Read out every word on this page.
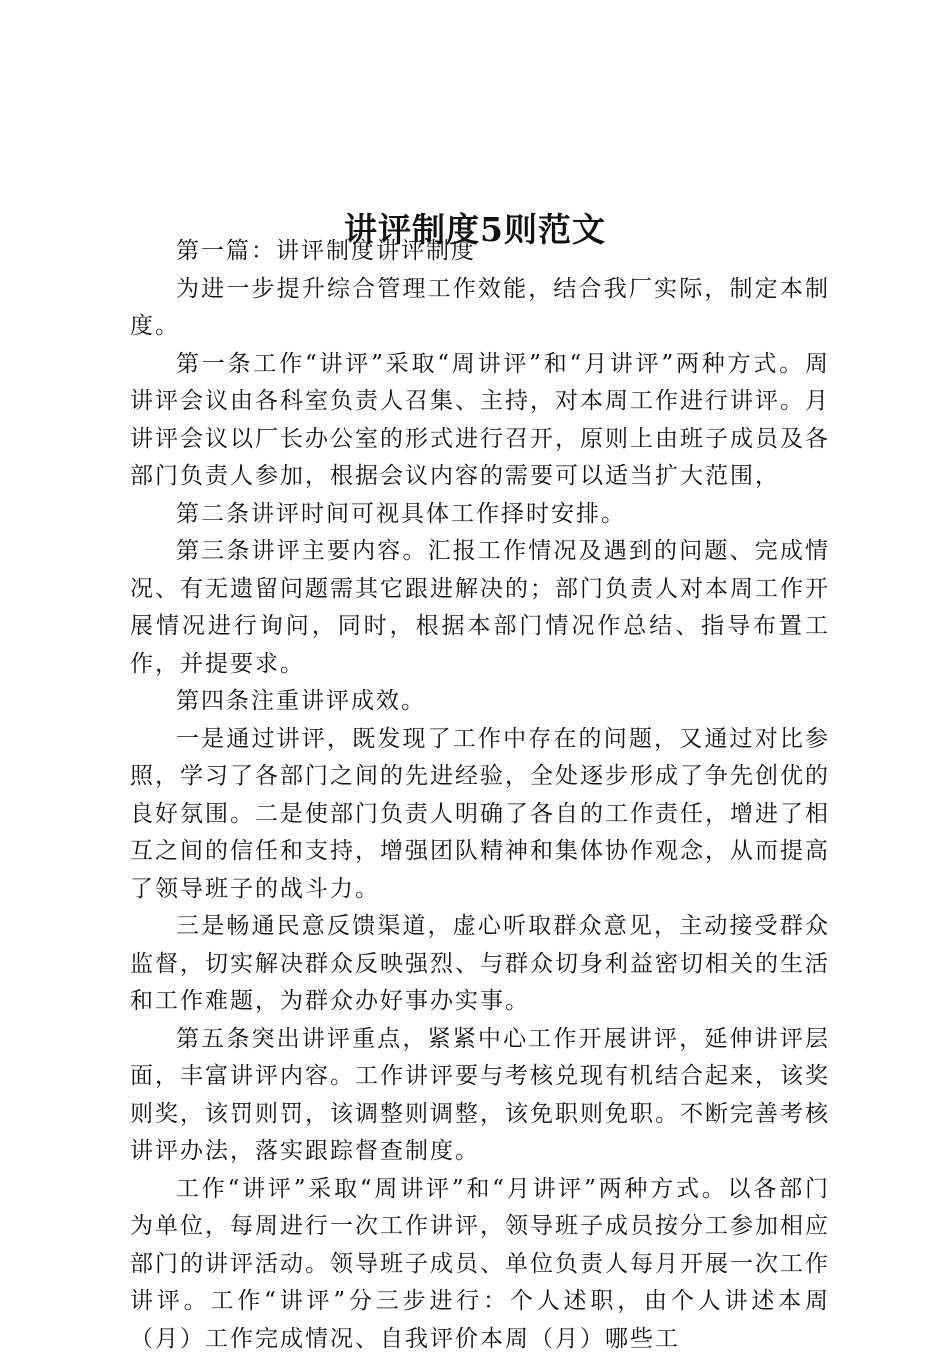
讲评制度5则范文

第一篇：讲评制度讲评制度

为进一步提升综合管理工作效能，结合我厂实际，制定本制度。

第一条工作“讲评”采取“周讲评”和“月讲评”两种方式。周讲评会议由各科室负责人召集、主持，对本周工作进行讲评。月讲评会议以厂长办公室的形式进行召开，原则上由班子成员及各部门负责人参加，根据会议内容的需要可以适当扩大范围，

第二条讲评时间可视具体工作择时安排。

第三条讲评主要内容。汇报工作情况及遇到的问题、完成情况、有无遗留问题需其它跟进解决的；部门负责人对本周工作开展情况进行询问，同时，根据本部门情况作总结、指导布置工作，并提要求。

第四条注重讲评成效。

一是通过讲评，既发现了工作中存在的问题，又通过对比参照，学习了各部门之间的先进经验，全处逐步形成了争先创优的良好氛围。二是使部门负责人明确了各自的工作责任，增进了相互之间的信任和支持，增强团队精神和集体协作观念，从而提高了领导班子的战斗力。

三是畅通民意反馈渠道，虚心听取群众意见，主动接受群众监督，切实解决群众反映强烈、与群众切身利益密切相关的生活和工作难题，为群众办好事办实事。

第五条突出讲评重点，紧紧中心工作开展讲评，延伸讲评层面，丰富讲评内容。工作讲评要与考核兑现有机结合起来，该奖则奖，该罚则罚，该调整则调整，该免职则免职。不断完善考核讲评办法，落实跟踪督查制度。

工作“讲评”采取“周讲评”和“月讲评”两种方式。以各部门为单位，每周进行一次工作讲评，领导班子成员按分工参加相应部门的讲评活动。领导班子成员、单位负责人每月开展一次工作讲评。工作“讲评”分三步进行：个人述职，由个人讲述本周（月）工作完成情况、自我评价本周（月）哪些工
